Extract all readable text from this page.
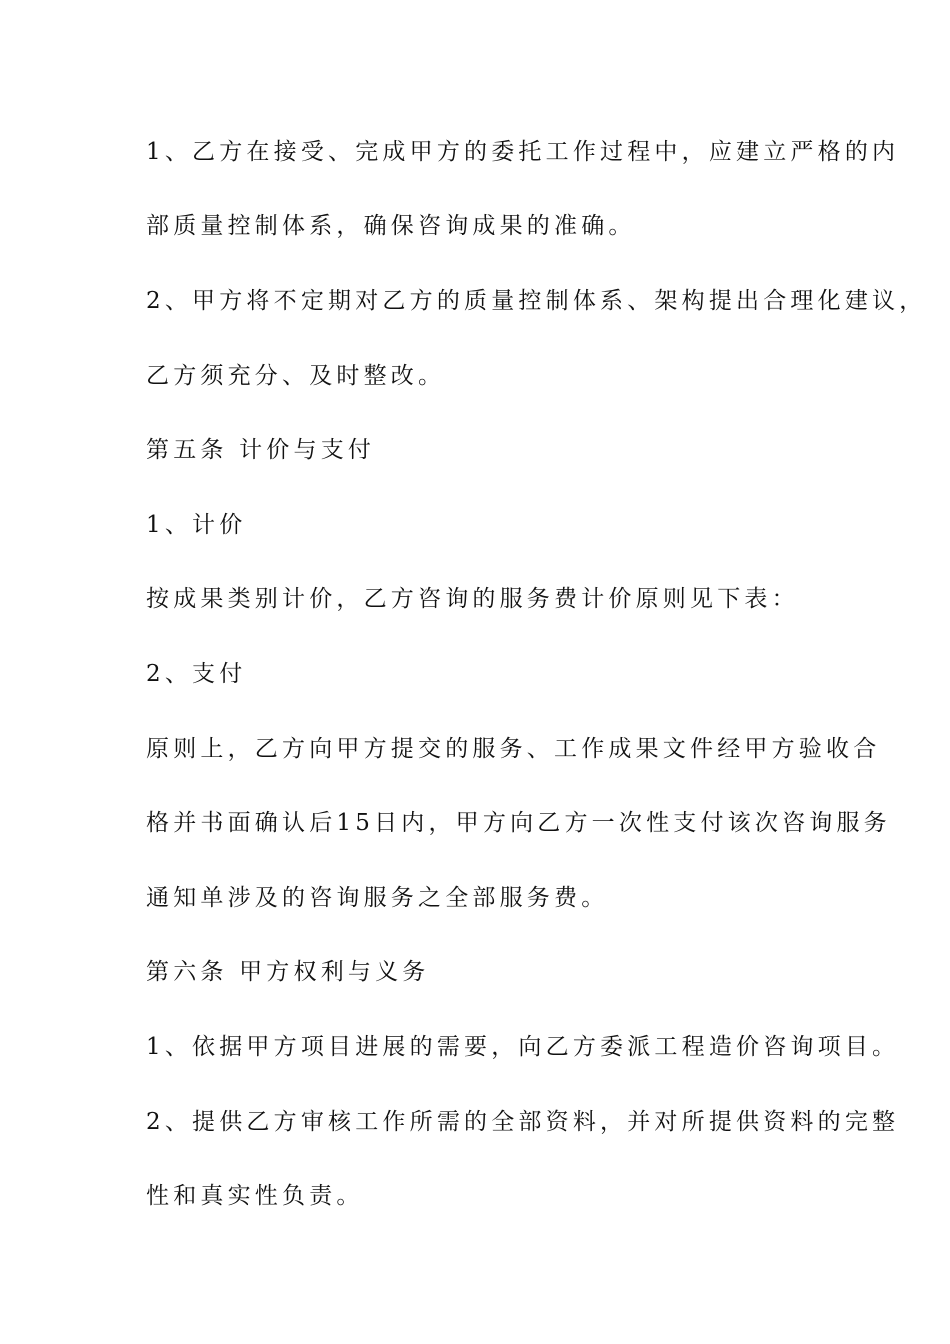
1、乙方在接受、完成甲方的委托工作过程中，应建立严格的内
部质量控制体系，确保咨询成果的准确。
2、甲方将不定期对乙方的质量控制体系、架构提出合理化建议，
乙方须充分、及时整改。
第五条 计价与支付
1、计价
按成果类别计价，乙方咨询的服务费计价原则见下表：
2、支付
原则上，乙方向甲方提交的服务、工作成果文件经甲方验收合
格并书面确认后15日内，甲方向乙方一次性支付该次咨询服务
通知单涉及的咨询服务之全部服务费。
第六条 甲方权利与义务
1、依据甲方项目进展的需要，向乙方委派工程造价咨询项目。
2、提供乙方审核工作所需的全部资料，并对所提供资料的完整
性和真实性负责。
